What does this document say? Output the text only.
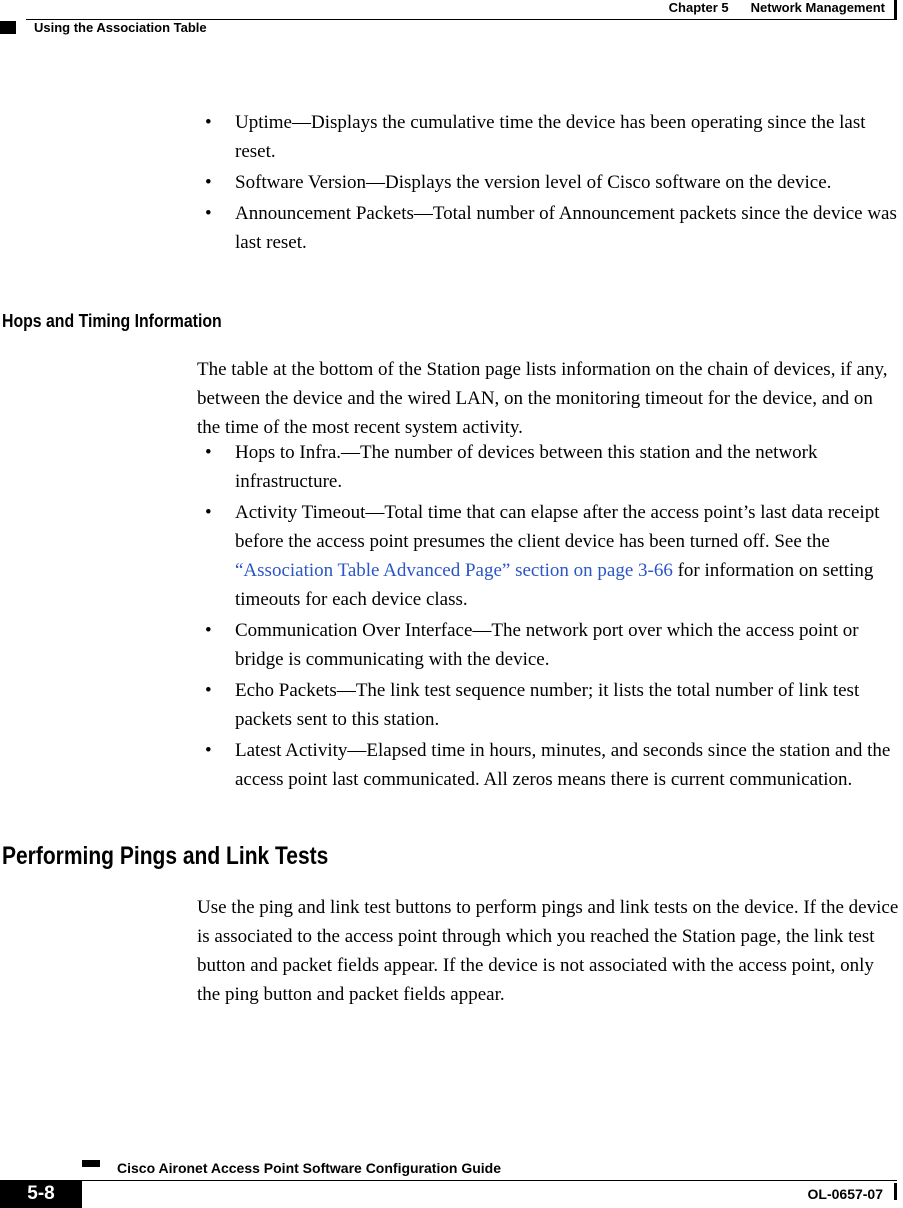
Chapter 5 Network Management
Using the Association Table
• Uptime—Displays the cumulative time the device has been operating since the last reset.
• Software Version—Displays the version level of Cisco software on the device.
• Announcement Packets—Total number of Announcement packets since the device was last reset.
Hops and Timing Information

The table at the bottom of the Station page lists information on the chain of devices, if any, between the device and the wired LAN, on the monitoring timeout for the device, and on the time of the most recent system activity.

• Hops to Infra.—The number of devices between this station and the network infrastructure.
• Activity Timeout—Total time that can elapse after the access point’s last data receipt before the access point presumes the client device has been turned off. See the “Association Table Advanced Page” section on page 3-66 for information on setting timeouts for each device class.
• Communication Over Interface—The network port over which the access point or bridge is communicating with the device.
• Echo Packets—The link test sequence number; it lists the total number of link test packets sent to this station.
• Latest Activity—Elapsed time in hours, minutes, and seconds since the station and the access point last communicated. All zeros means there is current communication.
Performing Pings and Link Tests

Use the ping and link test buttons to perform pings and link tests on the device. If the device is associated to the access point through which you reached the Station page, the link test button and packet fields appear. If the device is not associated with the access point, only the ping button and packet fields appear.

Cisco Aironet Access Point Software Configuration Guide
5-8	OL-0657-07
